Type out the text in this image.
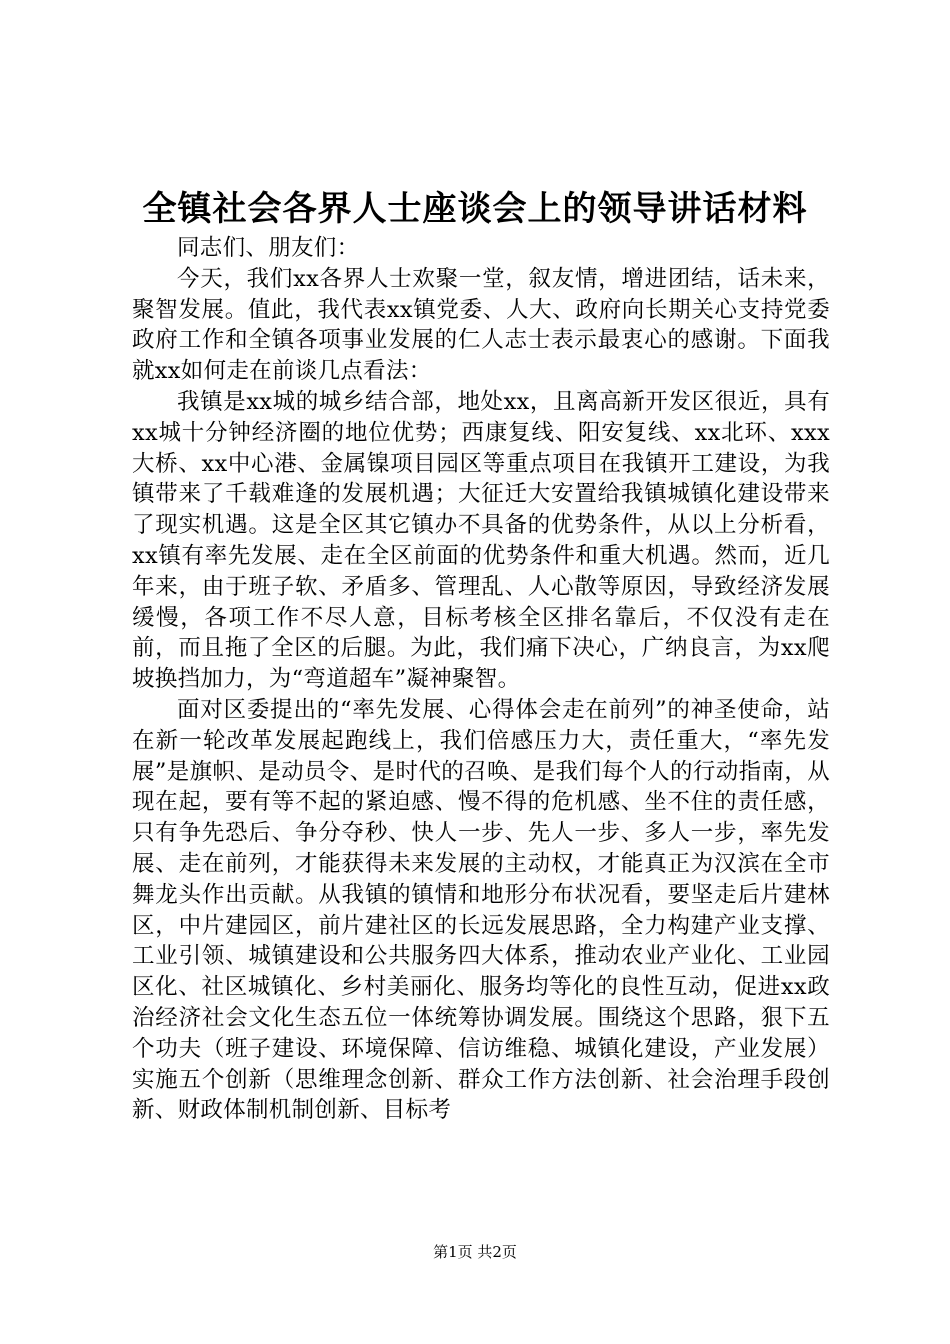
全镇社会各界人士座谈会上的领导讲话材料

同志们、朋友们：

今天，我们xx各界人士欢聚一堂，叙友情，增进团结，话未来，聚智发展。值此，我代表xx镇党委、人大、政府向长期关心支持党委政府工作和全镇各项事业发展的仁人志士表示最衷心的感谢。下面我就xx如何走在前谈几点看法：

我镇是xx城的城乡结合部，地处xx，且离高新开发区很近，具有xx城十分钟经济圈的地位优势；西康复线、阳安复线、xx北环、xxx大桥、xx中心港、金属镍项目园区等重点项目在我镇开工建设，为我镇带来了千载难逢的发展机遇；大征迁大安置给我镇城镇化建设带来了现实机遇。这是全区其它镇办不具备的优势条件，从以上分析看，xx镇有率先发展、走在全区前面的优势条件和重大机遇。然而，近几年来，由于班子软、矛盾多、管理乱、人心散等原因，导致经济发展缓慢，各项工作不尽人意，目标考核全区排名靠后，不仅没有走在前，而且拖了全区的后腿。为此，我们痛下决心，广纳良言，为xx爬坡换挡加力，为“弯道超车”凝神聚智。

面对区委提出的“率先发展、心得体会走在前列”的神圣使命，站在新一轮改革发展起跑线上，我们倍感压力大，责任重大，“率先发展”是旗帜、是动员令、是时代的召唤、是我们每个人的行动指南，从现在起，要有等不起的紧迫感、慢不得的危机感、坐不住的责任感，只有争先恐后、争分夺秒、快人一步、先人一步、多人一步，率先发展、走在前列，才能获得未来发展的主动权，才能真正为汉滨在全市舞龙头作出贡献。从我镇的镇情和地形分布状况看，要坚走后片建林区，中片建园区，前片建社区的长远发展思路，全力构建产业支撑、工业引领、城镇建设和公共服务四大体系，推动农业产业化、工业园区化、社区城镇化、乡村美丽化、服务均等化的良性互动，促进xx政治经济社会文化生态五位一体统筹协调发展。围绕这个思路，狠下五个功夫（班子建设、环境保障、信访维稳、城镇化建设，产业发展）实施五个创新（思维理念创新、群众工作方法创新、社会治理手段创新、财政体制机制创新、目标考

第1页 共2页
